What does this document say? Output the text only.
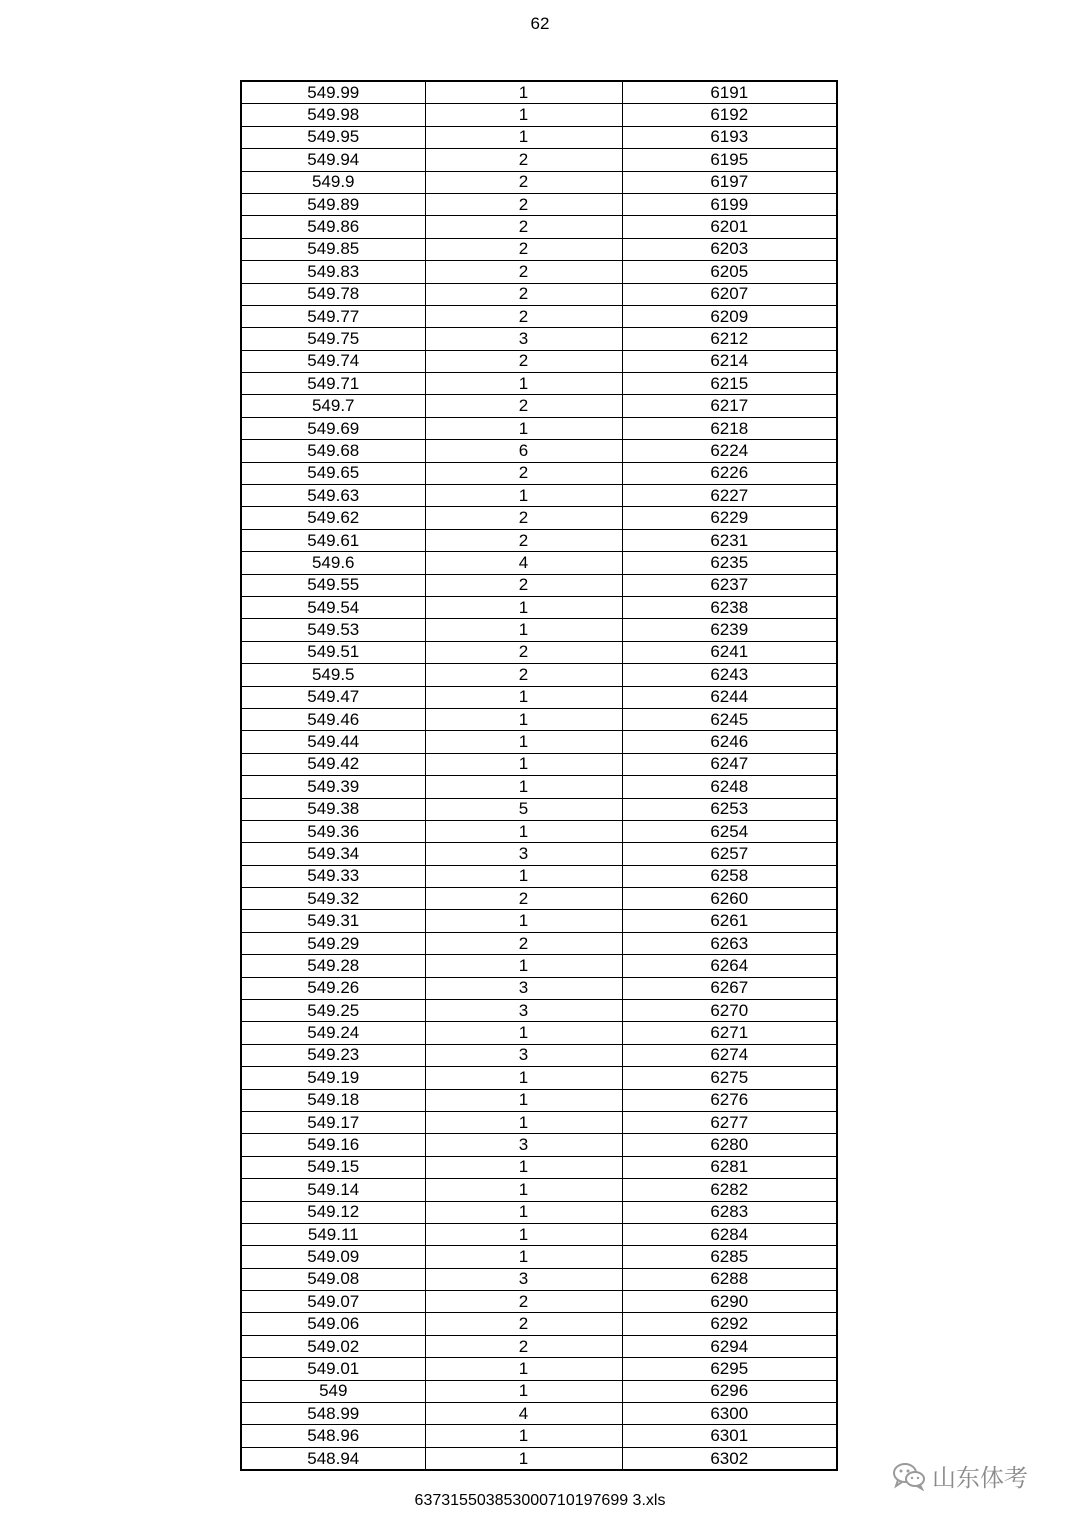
62
549.99	1	6191
549.98	1	6192
549.95	1	6193
549.94	2	6195
549.9	2	6197
549.89	2	6199
549.86	2	6201
549.85	2	6203
549.83	2	6205
549.78	2	6207
549.77	2	6209
549.75	3	6212
549.74	2	6214
549.71	1	6215
549.7	2	6217
549.69	1	6218
549.68	6	6224
549.65	2	6226
549.63	1	6227
549.62	2	6229
549.61	2	6231
549.6	4	6235
549.55	2	6237
549.54	1	6238
549.53	1	6239
549.51	2	6241
549.5	2	6243
549.47	1	6244
549.46	1	6245
549.44	1	6246
549.42	1	6247
549.39	1	6248
549.38	5	6253
549.36	1	6254
549.34	3	6257
549.33	1	6258
549.32	2	6260
549.31	1	6261
549.29	2	6263
549.28	1	6264
549.26	3	6267
549.25	3	6270
549.24	1	6271
549.23	3	6274
549.19	1	6275
549.18	1	6276
549.17	1	6277
549.16	3	6280
549.15	1	6281
549.14	1	6282
549.12	1	6283
549.11	1	6284
549.09	1	6285
549.08	3	6288
549.07	2	6290
549.06	2	6292
549.02	2	6294
549.01	1	6295
549	1	6296
548.99	4	6300
548.96	1	6301
548.94	1	6302
637315503853000710197699 3.xls
山东体考
